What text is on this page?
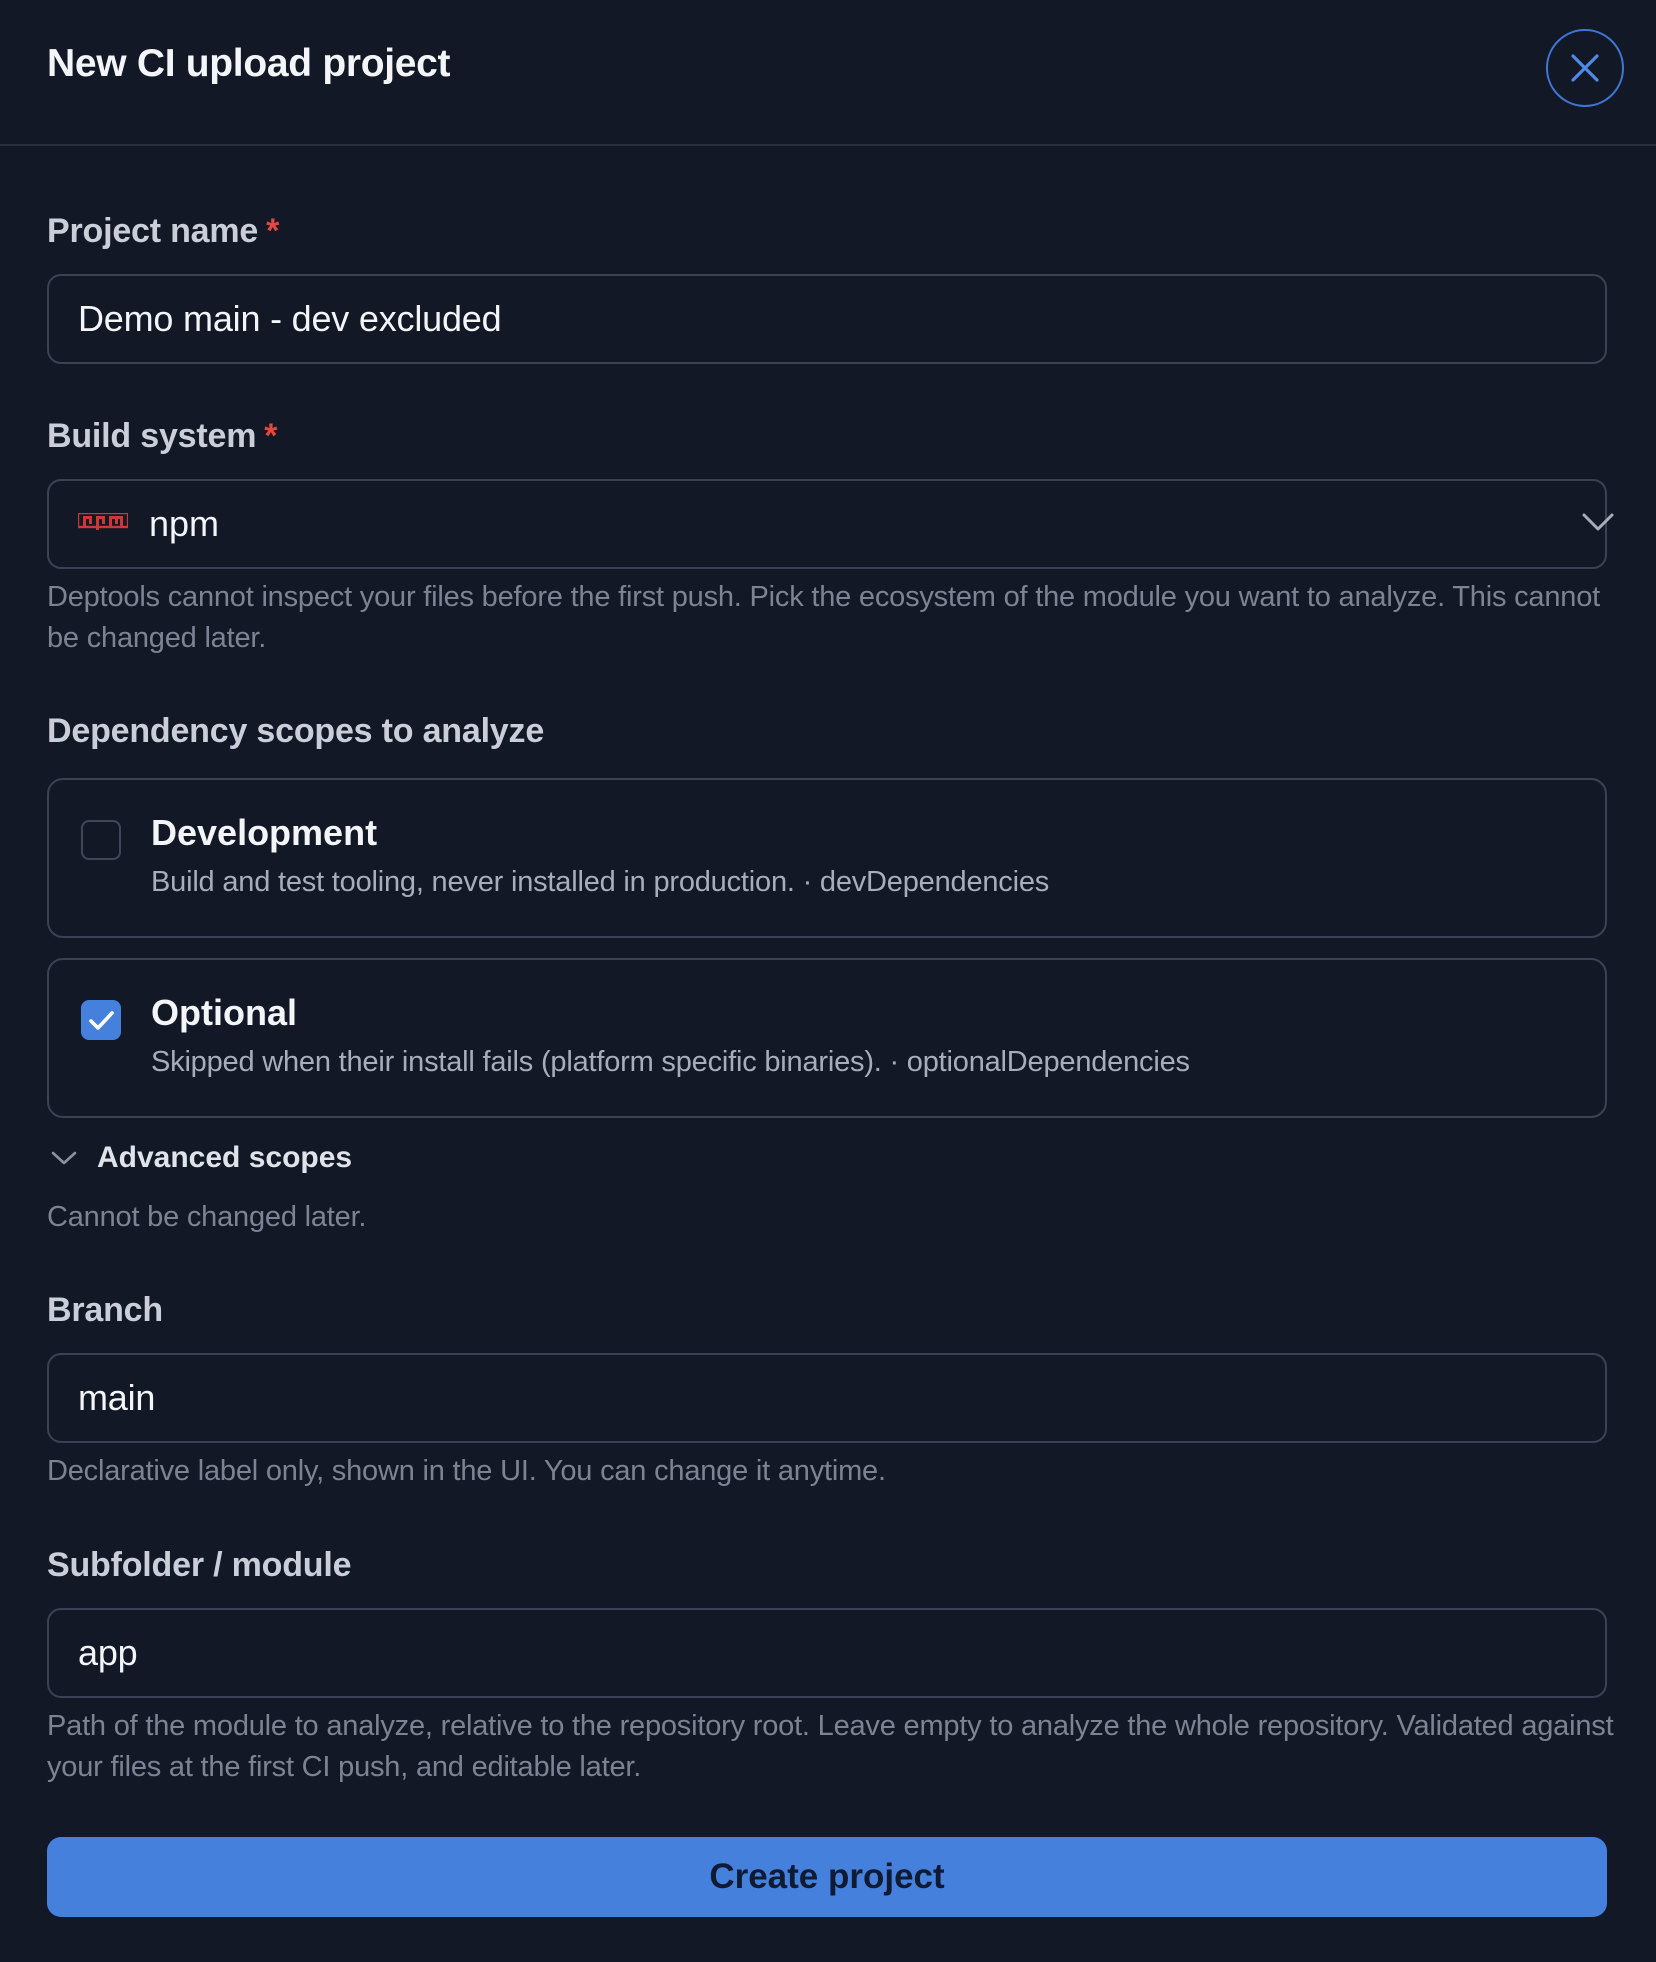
New CI upload project
Project name *
Demo main - dev excluded
Build system *
npm
Deptools cannot inspect your files before the first push. Pick the ecosystem of the module you want to analyze. This cannot be changed later.
Dependency scopes to analyze
Development
Build and test tooling, never installed in production. · devDependencies
Optional
Skipped when their install fails (platform specific binaries). · optionalDependencies
Advanced scopes
Cannot be changed later.
Branch
main
Declarative label only, shown in the UI. You can change it anytime.
Subfolder / module
app
Path of the module to analyze, relative to the repository root. Leave empty to analyze the whole repository. Validated against your files at the first CI push, and editable later.
Create project
